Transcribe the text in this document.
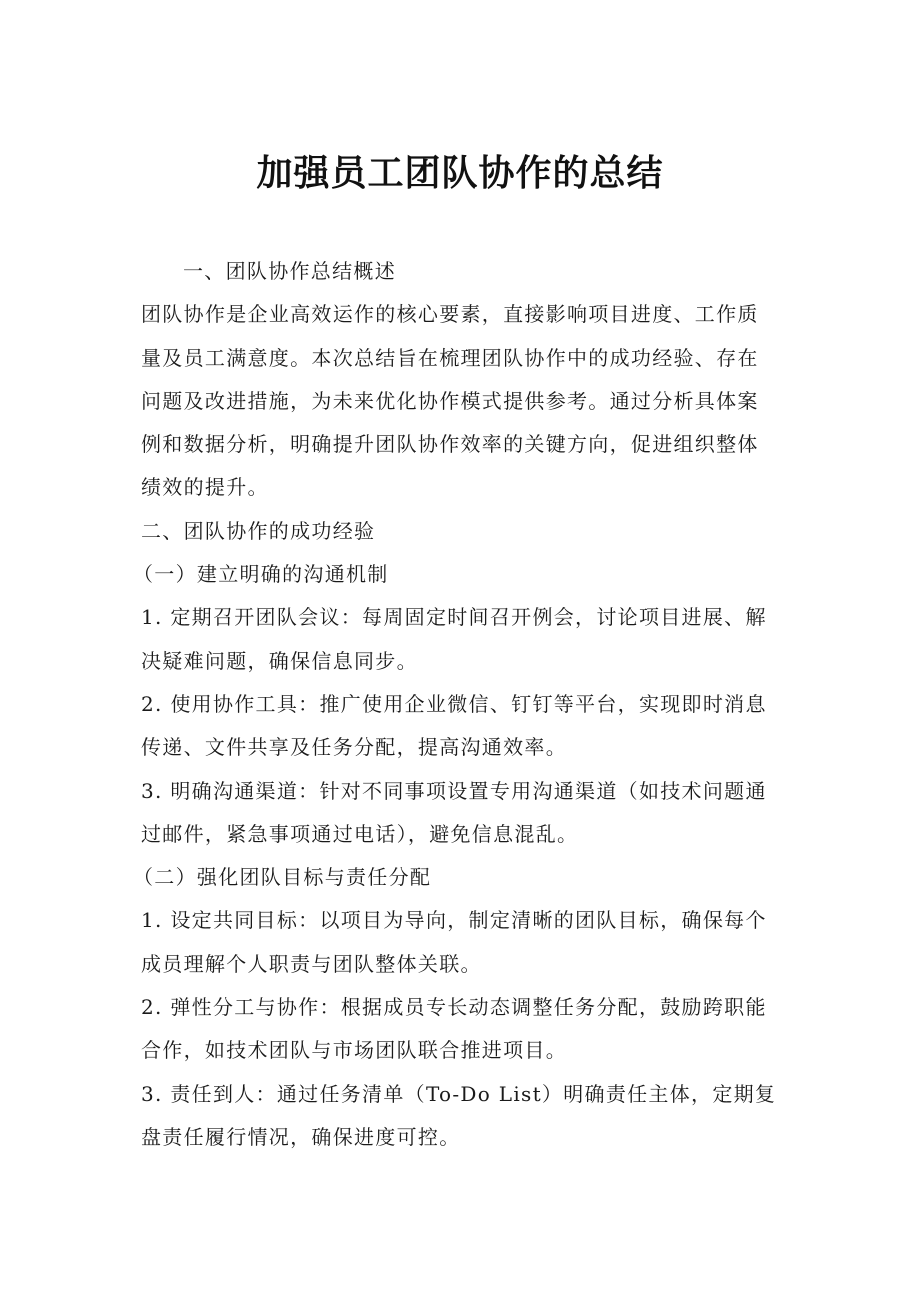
加强员工团队协作的总结
一、团队协作总结概述
团队协作是企业高效运作的核心要素，直接影响项目进度、工作质
量及员工满意度。本次总结旨在梳理团队协作中的成功经验、存在
问题及改进措施，为未来优化协作模式提供参考。通过分析具体案
例和数据分析，明确提升团队协作效率的关键方向，促进组织整体
绩效的提升。
二、团队协作的成功经验
（一）建立明确的沟通机制
1. 定期召开团队会议：每周固定时间召开例会，讨论项目进展、解
决疑难问题，确保信息同步。
2. 使用协作工具：推广使用企业微信、钉钉等平台，实现即时消息
传递、文件共享及任务分配，提高沟通效率。
3. 明确沟通渠道：针对不同事项设置专用沟通渠道（如技术问题通
过邮件，紧急事项通过电话），避免信息混乱。
（二）强化团队目标与责任分配
1. 设定共同目标：以项目为导向，制定清晰的团队目标，确保每个
成员理解个人职责与团队整体关联。
2. 弹性分工与协作：根据成员专长动态调整任务分配，鼓励跨职能
合作，如技术团队与市场团队联合推进项目。
3. 责任到人：通过任务清单（To-Do List）明确责任主体，定期复
盘责任履行情况，确保进度可控。
